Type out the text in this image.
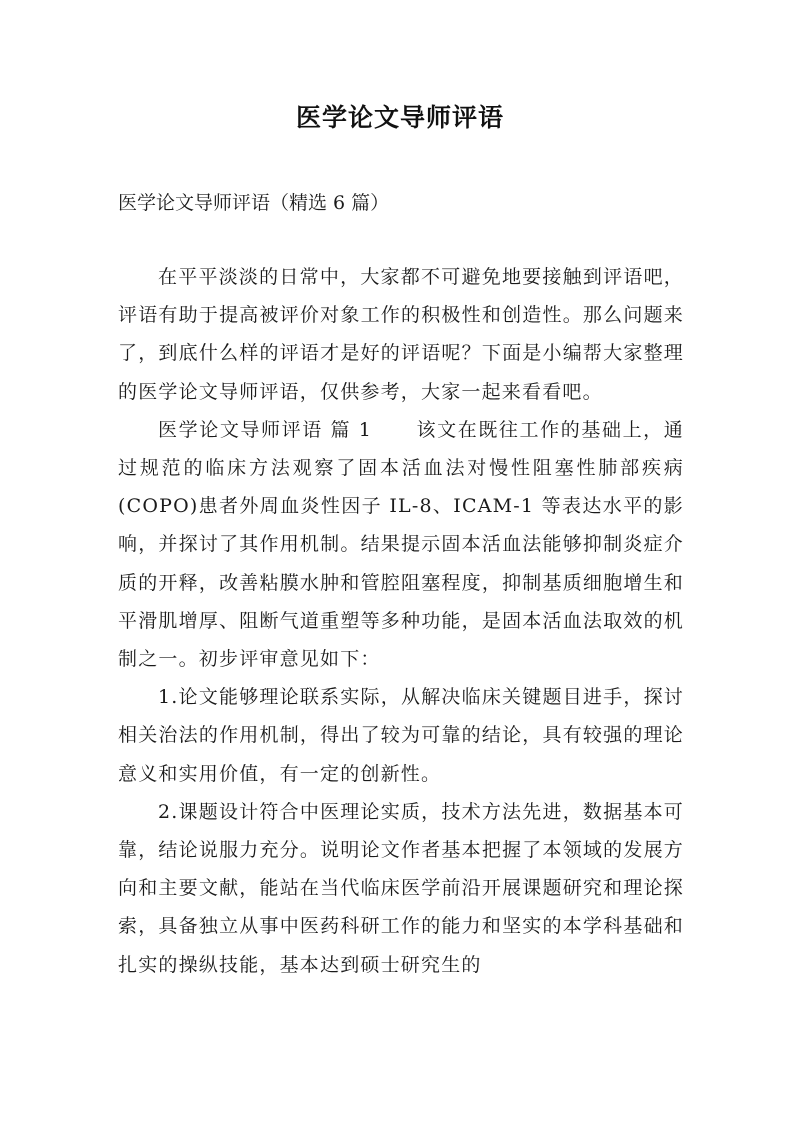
医学论文导师评语
医学论文导师评语（精选 6 篇）

在平平淡淡的日常中，大家都不可避免地要接触到评语吧，评语有助于提高被评价对象工作的积极性和创造性。那么问题来了，到底什么样的评语才是好的评语呢？下面是小编帮大家整理的医学论文导师评语，仅供参考，大家一起来看看吧。

医学论文导师评语 篇 1 该文在既往工作的基础上，通过规范的临床方法观察了固本活血法对慢性阻塞性肺部疾病(COPO)患者外周血炎性因子 IL-8、ICAM-1 等表达水平的影响，并探讨了其作用机制。结果提示固本活血法能够抑制炎症介质的开释，改善粘膜水肿和管腔阻塞程度，抑制基质细胞增生和平滑肌增厚、阻断气道重塑等多种功能，是固本活血法取效的机制之一。初步评审意见如下：

1.论文能够理论联系实际，从解决临床关键题目进手，探讨相关治法的作用机制，得出了较为可靠的结论，具有较强的理论意义和实用价值，有一定的创新性。

2.课题设计符合中医理论实质，技术方法先进，数据基本可靠，结论说服力充分。说明论文作者基本把握了本领域的发展方向和主要文献，能站在当代临床医学前沿开展课题研究和理论探索，具备独立从事中医药科研工作的能力和坚实的本学科基础和扎实的操纵技能，基本达到硕士研究生的
